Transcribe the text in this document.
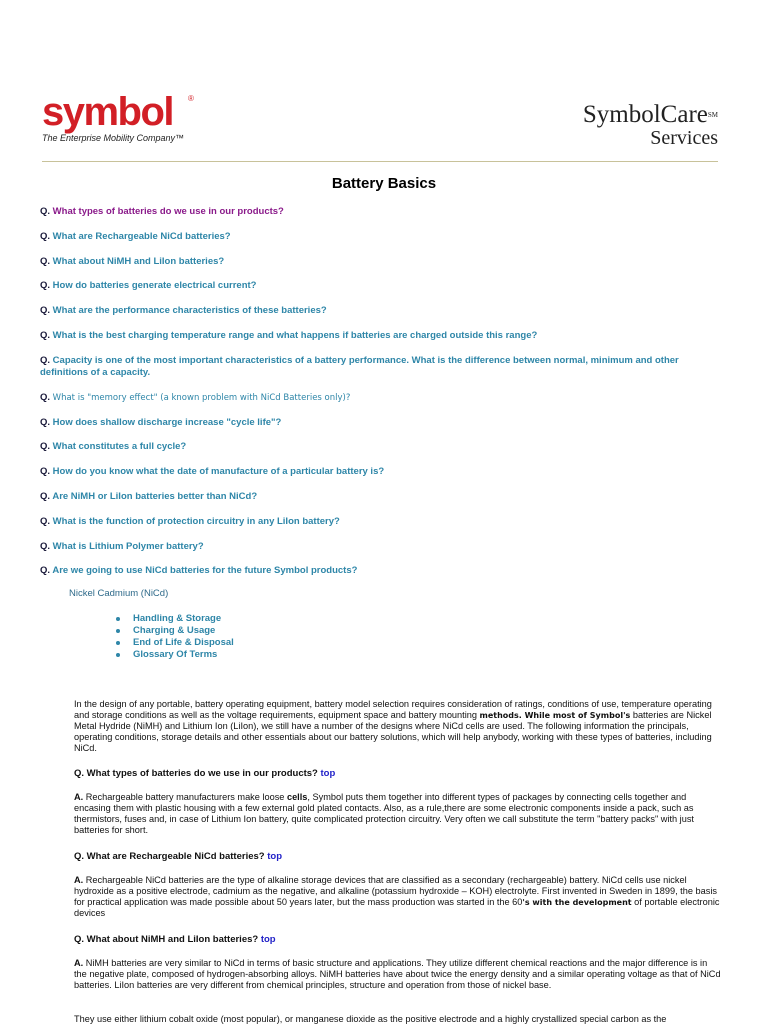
symbol	®
The Enterprise Mobility Company™
SymbolCare℠
Services
Battery Basics
Q. What types of batteries do we use in our products?
Q. What are Rechargeable NiCd batteries?
Q. What about NiMH and LiIon batteries?
Q. How do batteries generate electrical current?
Q. What are the performance characteristics of these batteries?
Q. What is the best charging temperature range and what happens if batteries are charged outside this range?
Q. Capacity is one of the most important characteristics of a battery performance. What is the difference between normal, minimum and other definitions of a capacity.
Q. What is "memory effect" (a known problem with NiCd Batteries only)?
Q. How does shallow discharge increase "cycle life"?
Q. What constitutes a full cycle?
Q. How do you know what the date of manufacture of a particular battery is?
Q. Are NiMH or LiIon batteries better than NiCd?
Q. What is the function of protection circuitry in any LiIon battery?
Q. What is Lithium Polymer battery?
Q. Are we going to use NiCd batteries for the future Symbol products?
Nickel Cadmium (NiCd)
Handling & Storage
Charging & Usage
End of Life & Disposal
Glossary Of Terms
In the design of any portable, battery operating equipment, battery model selection requires consideration of ratings, conditions of use, temperature operating and storage conditions as well as the voltage requirements, equipment space and battery mounting methods. While most of Symbol's batteries are Nickel Metal Hydride (NiMH) and Lithium Ion (LiIon), we still have a number of the designs where NiCd cells are used. The following information the principals, operating conditions, storage details and other essentials about our battery solutions, which will help anybody, working with these types of batteries, including NiCd.
Q. What types of batteries do we use in our products? top
A. Rechargeable battery manufacturers make loose cells, Symbol puts them together into different types of packages by connecting cells together and encasing them with plastic housing with a few external gold plated contacts. Also, as a rule,there are some electronic components inside a pack, such as thermistors, fuses and, in case of Lithium Ion battery, quite complicated protection circuitry. Very often we call substitute the term "battery packs" with just batteries for short.
Q. What are Rechargeable NiCd batteries? top
A. Rechargeable NiCd batteries are the type of alkaline storage devices that are classified as a secondary (rechargeable) battery. NiCd cells use nickel hydroxide as a positive electrode, cadmium as the negative, and alkaline (potassium hydroxide – KOH) electrolyte. First invented in Sweden in 1899, the basis for practical application was made possible about 50 years later, but the mass production was started in the 60's with the development of portable electronic devices
Q. What about NiMH and LiIon batteries? top
A. NiMH batteries are very similar to NiCd in terms of basic structure and applications. They utilize different chemical reactions and the major difference is in the negative plate, composed of hydrogen-absorbing alloys. NiMH batteries have about twice the energy density and a similar operating voltage as that of NiCd batteries. LiIon batteries are very different from chemical principles, structure and operation from those of nickel base.
They use either lithium cobalt oxide (most popular), or manganese dioxide as the positive electrode and a highly crystallized special carbon as the
